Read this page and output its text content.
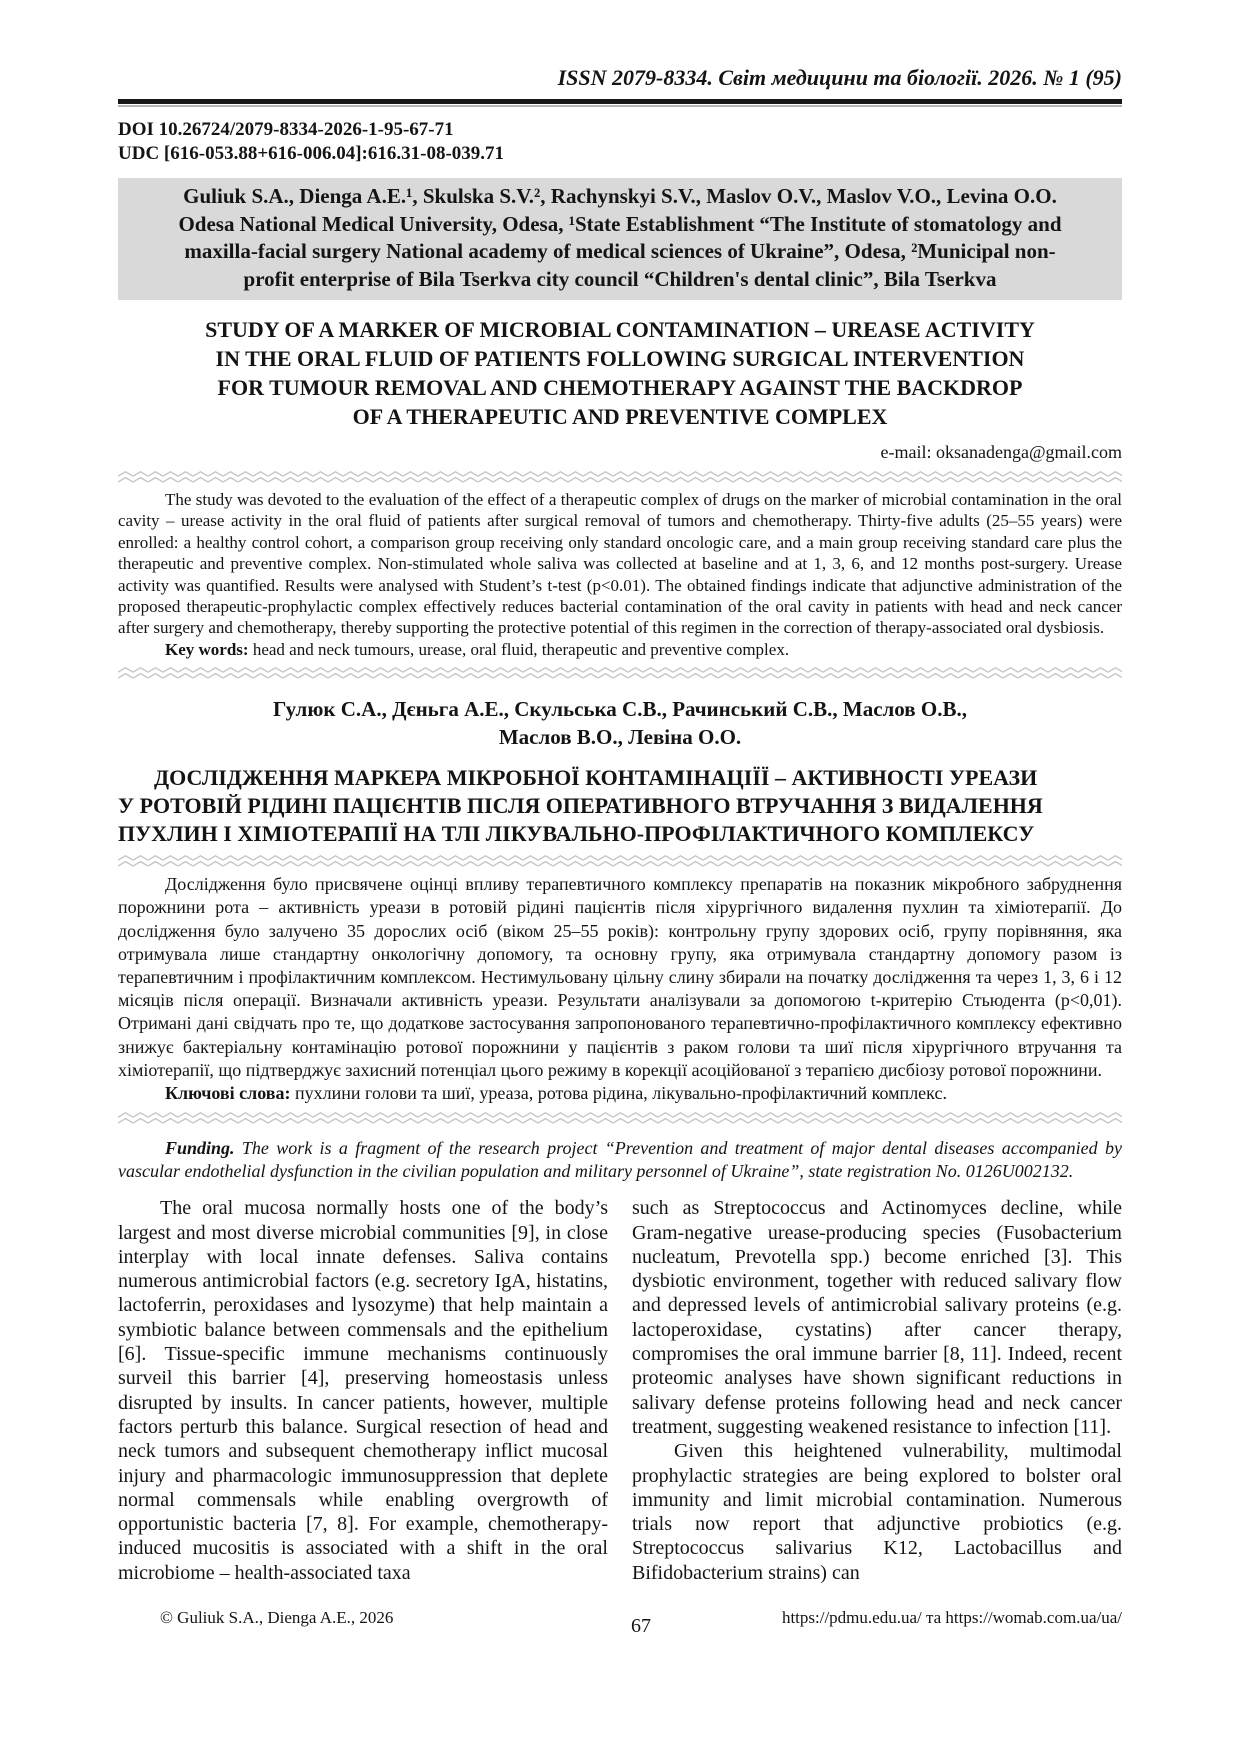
ISSN 2079-8334. Світ медицини та біології. 2026. № 1 (95)
DOI 10.26724/2079-8334-2026-1-95-67-71
UDC [616-053.88+616-006.04]:616.31-08-039.71
Guliuk S.A., Dienga A.E.¹, Skulska S.V.², Rachynskyi S.V., Maslov O.V., Maslov V.O., Levina O.O.
Odesa National Medical University, Odesa, ¹State Establishment “The Institute of stomatology and
maxilla-facial surgery National academy of medical sciences of Ukraine”, Odesa, ²Municipal non-
profit enterprise of Bila Tserkva city council “Children's dental clinic”, Bila Tserkva
STUDY OF A MARKER OF MICROBIAL CONTAMINATION – UREASE ACTIVITY
IN THE ORAL FLUID OF PATIENTS FOLLOWING SURGICAL INTERVENTION
FOR TUMOUR REMOVAL AND CHEMOTHERAPY AGAINST THE BACKDROP
OF A THERAPEUTIC AND PREVENTIVE COMPLEX
e-mail: oksanadenga@gmail.com

The study was devoted to the evaluation of the effect of a therapeutic complex of drugs on the marker of microbial contamination in the oral cavity – urease activity in the oral fluid of patients after surgical removal of tumors and chemotherapy. Thirty-five adults (25–55 years) were enrolled: a healthy control cohort, a comparison group receiving only standard oncologic care, and a main group receiving standard care plus the therapeutic and preventive complex. Non-stimulated whole saliva was collected at baseline and at 1, 3, 6, and 12 months post-surgery. Urease activity was quantified. Results were analysed with Student’s t-test (p<0.01). The obtained findings indicate that adjunctive administration of the proposed therapeutic-prophylactic complex effectively reduces bacterial contamination of the oral cavity in patients with head and neck cancer after surgery and chemotherapy, thereby supporting the protective potential of this regimen in the correction of therapy-associated oral dysbiosis.

Key words: head and neck tumours, urease, oral fluid, therapeutic and preventive complex.

Гулюк С.А., Дєньга А.Е., Скульська С.В., Рачинський С.В., Маслов О.В.,
Маслов В.О., Левіна О.О.
ДОСЛІДЖЕННЯ МАРКЕРА МІКРОБНОЇ КОНТАМІНАЦІЇЇ – АКТИВНОСТІ УРЕАЗИ
У РОТОВІЙ РІДИНІ ПАЦІЄНТІВ ПІСЛЯ ОПЕРАТИВНОГО ВТРУЧАННЯ З ВИДАЛЕННЯ
ПУХЛИН І ХІМІОТЕРАПІЇ НА ТЛІ ЛІКУВАЛЬНО-ПРОФІЛАКТИЧНОГО КОМПЛЕКСУ

Дослідження було присвячене оцінці впливу терапевтичного комплексу препаратів на показник мікробного забруднення порожнини рота – активність уреази в ротовій рідині пацієнтів після хірургічного видалення пухлин та хіміотерапії. До дослідження було залучено 35 дорослих осіб (віком 25–55 років): контрольну групу здорових осіб, групу порівняння, яка отримувала лише стандартну онкологічну допомогу, та основну групу, яка отримувала стандартну допомогу разом із терапевтичним і профілактичним комплексом. Нестимульовану цільну слину збирали на початку дослідження та через 1, 3, 6 і 12 місяців після операції. Визначали активність уреази. Результати аналізували за допомогою t-критерію Стьюдента (р<0,01). Отримані дані свідчать про те, що додаткове застосування запропонованого терапевтично-профілактичного комплексу ефективно знижує бактеріальну контамінацію ротової порожнини у пацієнтів з раком голови та шиї після хірургічного втручання та хіміотерапії, що підтверджує захисний потенціал цього режиму в корекції асоційованої з терапією дисбіозу ротової порожнини.

Ключові слова: пухлини голови та шиї, уреаза, ротова рідина, лікувально-профілактичний комплекс.

Funding. The work is a fragment of the research project “Prevention and treatment of major dental diseases accompanied by vascular endothelial dysfunction in the civilian population and military personnel of Ukraine”, state registration No. 0126U002132.

The oral mucosa normally hosts one of the body’s largest and most diverse microbial communities [9], in close interplay with local innate defenses. Saliva contains numerous antimicrobial factors (e.g. secretory IgA, histatins, lactoferrin, peroxidases and lysozyme) that help maintain a symbiotic balance between commensals and the epithelium [6]. Tissue-specific immune mechanisms continuously surveil this barrier [4], preserving homeostasis unless disrupted by insults. In cancer patients, however, multiple factors perturb this balance. Surgical resection of head and neck tumors and subsequent chemotherapy inflict mucosal injury and pharmacologic immunosuppression that deplete normal commensals while enabling overgrowth of opportunistic bacteria [7, 8]. For example, chemotherapy-induced mucositis is associated with a shift in the oral microbiome – health-associated taxa

such as Streptococcus and Actinomyces decline, while Gram-negative urease-producing species (Fusobacterium nucleatum, Prevotella spp.) become enriched [3]. This dysbiotic environment, together with reduced salivary flow and depressed levels of antimicrobial salivary proteins (e.g. lactoperoxidase, cystatins) after cancer therapy, compromises the oral immune barrier [8, 11]. Indeed, recent proteomic analyses have shown significant reductions in salivary defense proteins following head and neck cancer treatment, suggesting weakened resistance to infection [11].

Given this heightened vulnerability, multimodal prophylactic strategies are being explored to bolster oral immunity and limit microbial contamination. Numerous trials now report that adjunctive probiotics (e.g. Streptococcus salivarius K12, Lactobacillus and Bifidobacterium strains) can

© Guliuk S.A., Dienga A.E., 2026	67	https://pdmu.edu.ua/ та https://womab.com.ua/ua/
